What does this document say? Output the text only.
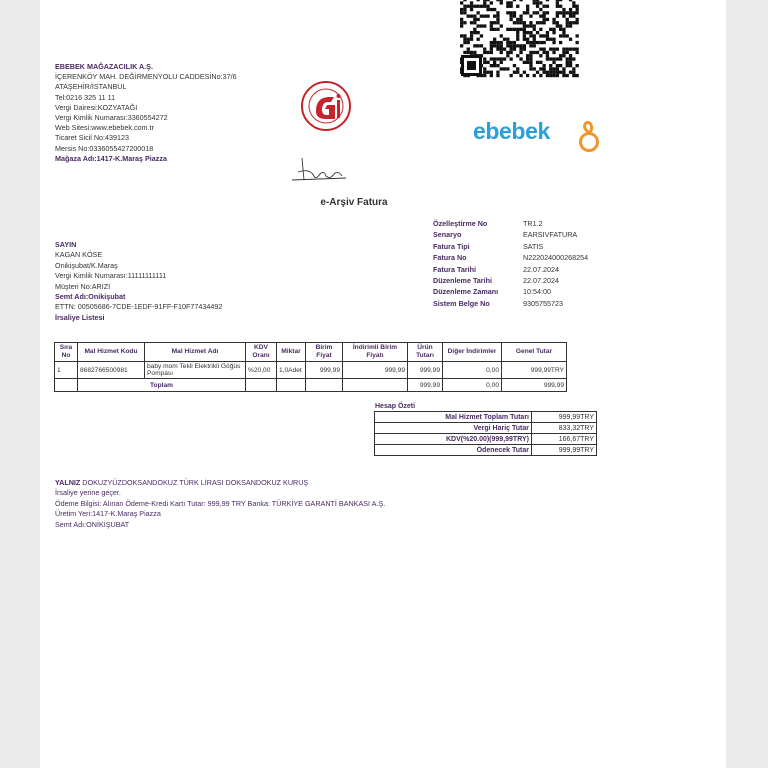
EBEBEK MAĞAZACILIK A.Ş.
İÇERENKÖY MAH. DEĞİRMENYOLU CADDESİNo:37/6
ATAŞEHİR/İSTANBUL
Tel:0216 325 11 11
Vergi Dairesi:KOZYATAĞI
Vergi Kimlik Numarası:3360554272
Web Sitesi:www.ebebek.com.tr
Ticaret Sicil No:439123
Mersis No:0336055427200018
Mağaza Adı:1417-K.Maraş Piazza
ebebek
e-Arşiv Fatura
Özelleştirme No	TR1.2
Senaryo	EARSIVFATURA
Fatura Tipi	SATIS
Fatura No	N222024000268254
Fatura Tarihi	22.07.2024
Düzenleme Tarihi	22.07.2024
Düzenleme Zamanı	10:54:00
Sistem Belge No	9305755723
SAYIN
KAGAN KÖSE
Onikişubat/K.Maraş
Vergi Kimlik Numarası:11111111111
Müşteri No:ARIZI
Semt Adı:Onikişubat
ETTN: 00505686-7CDE-1EDF-91FF-F10F77434492
İrsaliye Listesi
Sıra No	Mal Hizmet Kodu	Mal Hizmet Adı	KDV Oranı	Miktar	Birim Fiyat	İndirimli Birim Fiyatı	Ürün Tutarı	Diğer İndirimler	Genel Tutar
1	8682766500981	baby mom Tekli Elektrikli Göğüs Pompası	%20,00	1,0Adet	999,99	999,99	999,99	0,00	999,99TRY
	Toplam						999,99	0,00	999,99
Hesap Özeti
Mal Hizmet Toplam Tutarı	999,99TRY
Vergi Hariç Tutar	833,32TRY
KDV(%20.00)(999,99TRY)	166,67TRY
Ödenecek Tutar	999,99TRY
YALNIZ DOKUZYÜZDOKSANDOKUZ TÜRK LİRASI DOKSANDOKUZ KURUŞ
İrsaliye yerine geçer.
Ödeme Bilgisi: Alınan Ödeme-Kredi Kartı Tutar: 999,99 TRY Banka: TÜRKİYE GARANTİ BANKASI A.Ş.
Üretim Yeri:1417-K.Maraş Piazza
Semt Adı:ONİKİŞUBAT
